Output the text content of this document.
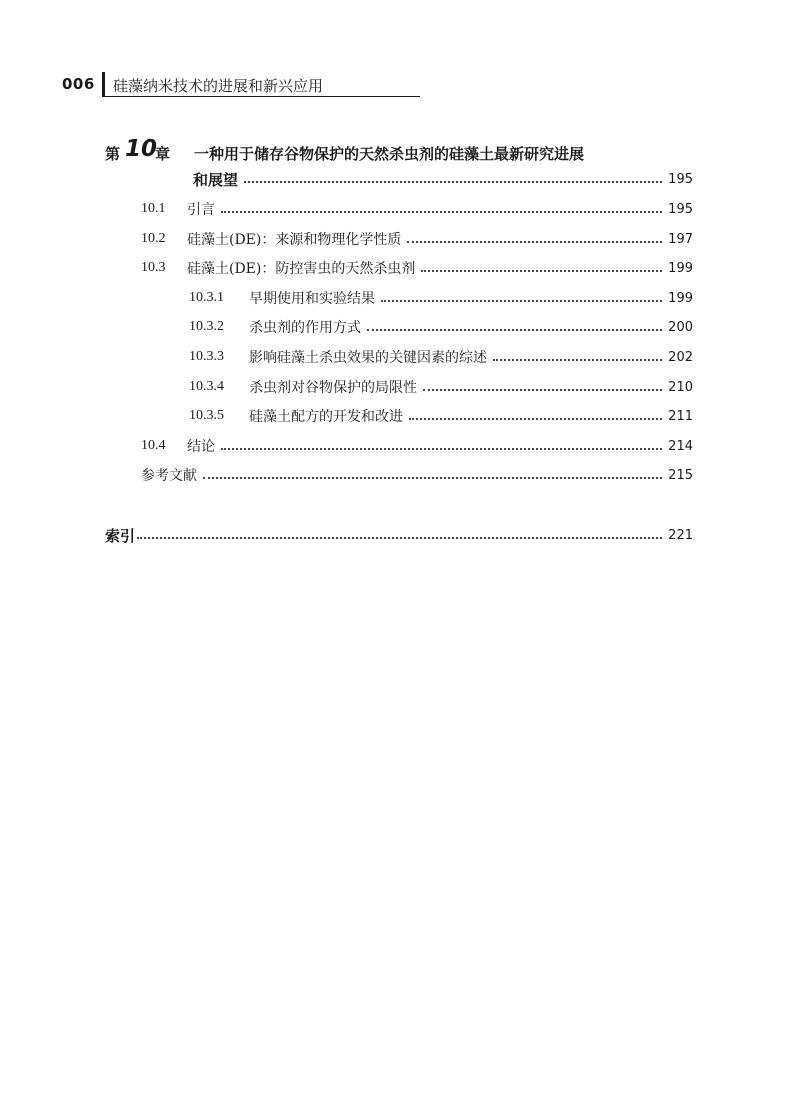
006 硅藻纳米技术的进展和新兴应用
第 10
章 一种用于储存谷物保护的天然杀虫剂的硅藻土最新研究进展
和展望	195
10.1	引言	195
10.2	硅藻土(DE)：来源和物理化学性质	197
10.3	硅藻土(DE)：防控害虫的天然杀虫剂	199
10.3.1	早期使用和实验结果	199
10.3.2	杀虫剂的作用方式	200
10.3.3	影响硅藻土杀虫效果的关键因素的综述	202
10.3.4	杀虫剂对谷物保护的局限性	210
10.3.5	硅藻土配方的开发和改进	211
10.4	结论	214
参考文献	215
索引	221
